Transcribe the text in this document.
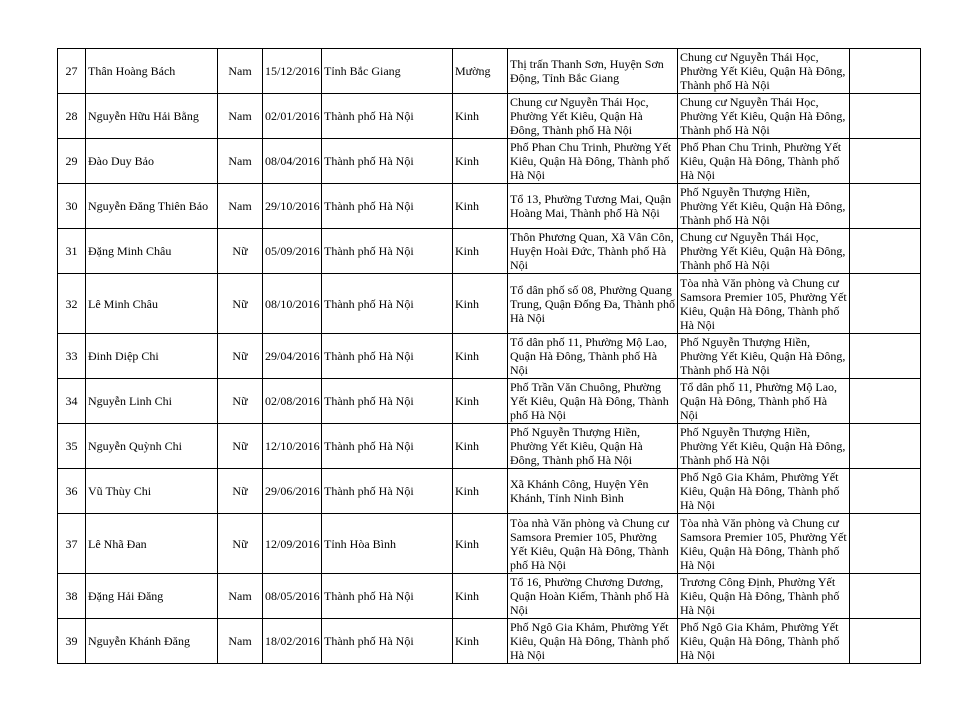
27	Thân Hoàng Bách	Nam	15/12/2016	Tỉnh Bắc Giang	Mường	Thị trấn Thanh Sơn, Huyện Sơn Động, Tỉnh Bắc Giang	Chung cư Nguyễn Thái Học, Phường Yết Kiêu, Quận Hà Đông, Thành phố Hà Nội	
28	Nguyễn Hữu Hải Bằng	Nam	02/01/2016	Thành phố Hà Nội	Kinh	Chung cư Nguyễn Thái Học, Phường Yết Kiêu, Quận Hà Đông, Thành phố Hà Nội	Chung cư Nguyễn Thái Học, Phường Yết Kiêu, Quận Hà Đông, Thành phố Hà Nội	
29	Đào Duy Bảo	Nam	08/04/2016	Thành phố Hà Nội	Kinh	Phố Phan Chu Trinh, Phường Yết Kiêu, Quận Hà Đông, Thành phố Hà Nội	Phố Phan Chu Trinh, Phường Yết Kiêu, Quận Hà Đông, Thành phố Hà Nội	
30	Nguyễn Đăng Thiên Bảo	Nam	29/10/2016	Thành phố Hà Nội	Kinh	Tổ 13, Phường Tương Mai, Quận Hoàng Mai, Thành phố Hà Nội	Phố Nguyễn Thượng Hiền, Phường Yết Kiêu, Quận Hà Đông, Thành phố Hà Nội	
31	Đặng Minh Châu	Nữ	05/09/2016	Thành phố Hà Nội	Kinh	Thôn Phương Quan, Xã Vân Côn, Huyện Hoài Đức, Thành phố Hà Nội	Chung cư Nguyễn Thái Học, Phường Yết Kiêu, Quận Hà Đông, Thành phố Hà Nội	
32	Lê Minh Châu	Nữ	08/10/2016	Thành phố Hà Nội	Kinh	Tổ dân phố số 08, Phường Quang Trung, Quận Đống Đa, Thành phố Hà Nội	Tòa nhà Văn phòng và Chung cư Samsora Premier 105, Phường Yết Kiêu, Quận Hà Đông, Thành phố Hà Nội	
33	Đinh Diệp Chi	Nữ	29/04/2016	Thành phố Hà Nội	Kinh	Tổ dân phố 11, Phường Mộ Lao, Quận Hà Đông, Thành phố Hà Nội	Phố Nguyễn Thượng Hiền, Phường Yết Kiêu, Quận Hà Đông, Thành phố Hà Nội	
34	Nguyễn Linh Chi	Nữ	02/08/2016	Thành phố Hà Nội	Kinh	Phố Trần Văn Chuông, Phường Yết Kiêu, Quận Hà Đông, Thành phố Hà Nội	Tổ dân phố 11, Phường Mộ Lao, Quận Hà Đông, Thành phố Hà Nội	
35	Nguyễn Quỳnh Chi	Nữ	12/10/2016	Thành phố Hà Nội	Kinh	Phố Nguyễn Thượng Hiền, Phường Yết Kiêu, Quận Hà Đông, Thành phố Hà Nội	Phố Nguyễn Thượng Hiền, Phường Yết Kiêu, Quận Hà Đông, Thành phố Hà Nội	
36	Vũ Thùy Chi	Nữ	29/06/2016	Thành phố Hà Nội	Kinh	Xã Khánh Công, Huyện Yên Khánh, Tỉnh Ninh Bình	Phố Ngô Gia Khảm, Phường Yết Kiêu, Quận Hà Đông, Thành phố Hà Nội	
37	Lê Nhã Đan	Nữ	12/09/2016	Tỉnh Hòa Bình	Kinh	Tòa nhà Văn phòng và Chung cư Samsora Premier 105, Phường Yết Kiêu, Quận Hà Đông, Thành phố Hà Nội	Tòa nhà Văn phòng và Chung cư Samsora Premier 105, Phường Yết Kiêu, Quận Hà Đông, Thành phố Hà Nội	
38	Đặng Hải Đăng	Nam	08/05/2016	Thành phố Hà Nội	Kinh	Tổ 16, Phường Chương Dương, Quận Hoàn Kiếm, Thành phố Hà Nội	Trương Công Định, Phường Yết Kiêu, Quận Hà Đông, Thành phố Hà Nội	
39	Nguyễn Khánh Đăng	Nam	18/02/2016	Thành phố Hà Nội	Kinh	Phố Ngô Gia Khảm, Phường Yết Kiêu, Quận Hà Đông, Thành phố Hà Nội	Phố Ngô Gia Khảm, Phường Yết Kiêu, Quận Hà Đông, Thành phố Hà Nội	
